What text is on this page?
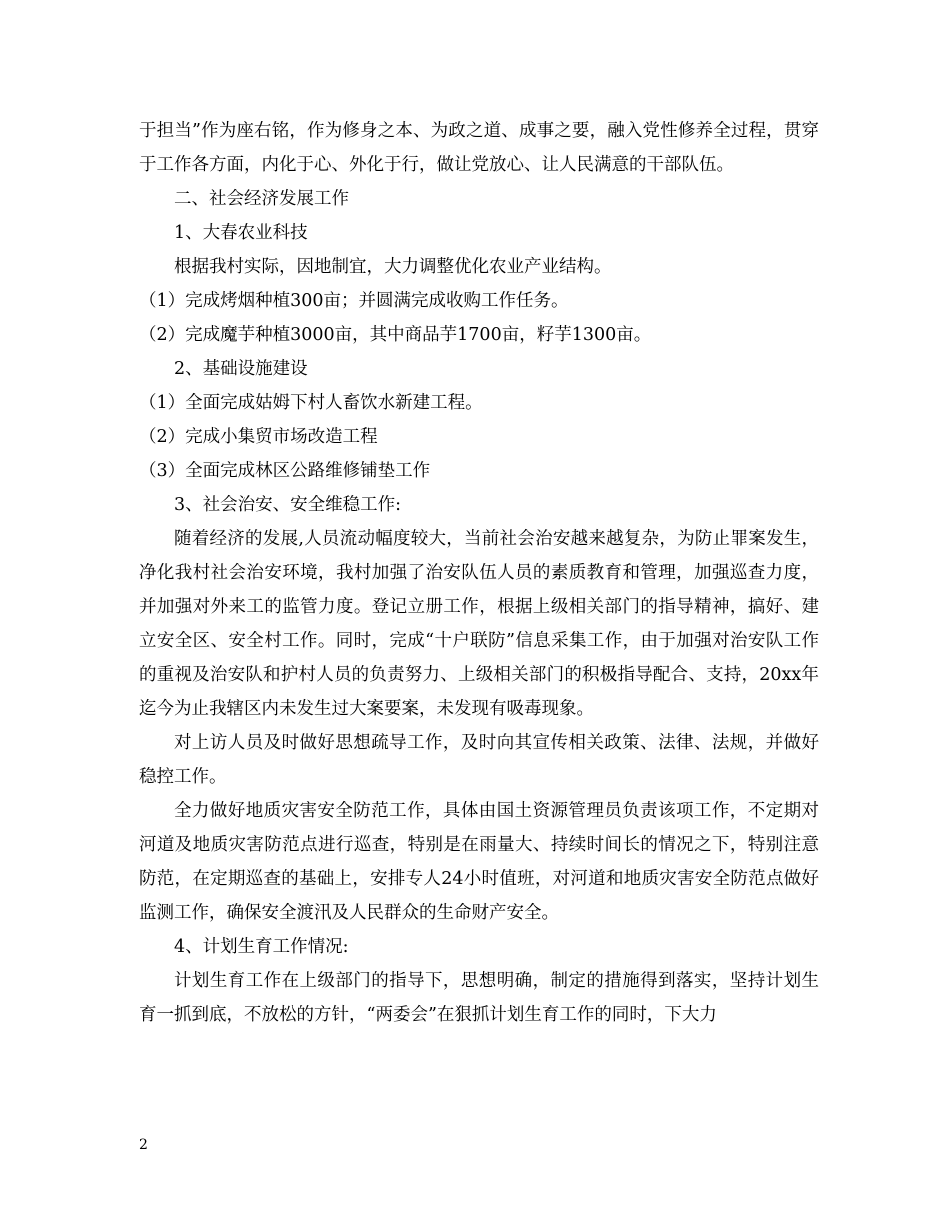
于担当”作为座右铭，作为修身之本、为政之道、成事之要，融入党性修养全过程，贯穿于工作各方面，内化于心、外化于行，做让党放心、让人民满意的干部队伍。

二、社会经济发展工作

1、大春农业科技

根据我村实际，因地制宜，大力调整优化农业产业结构。

（1）完成烤烟种植300亩；并圆满完成收购工作任务。

（2）完成魔芋种植3000亩，其中商品芋1700亩，籽芋1300亩。

2、基础设施建设

（1）全面完成姑姆下村人畜饮水新建工程。

（2）完成小集贸市场改造工程

（3）全面完成林区公路维修铺垫工作

3、社会治安、安全维稳工作:

随着经济的发展,人员流动幅度较大，当前社会治安越来越复杂，为防止罪案发生，净化我村社会治安环境，我村加强了治安队伍人员的素质教育和管理，加强巡查力度，并加强对外来工的监管力度。登记立册工作，根据上级相关部门的指导精神，搞好、建立安全区、安全村工作。同时，完成“十户联防”信息采集工作，由于加强对治安队工作的重视及治安队和护村人员的负责努力、上级相关部门的积极指导配合、支持，20xx年迄今为止我辖区内未发生过大案要案，未发现有吸毒现象。

对上访人员及时做好思想疏导工作，及时向其宣传相关政策、法律、法规，并做好稳控工作。

全力做好地质灾害安全防范工作，具体由国土资源管理员负责该项工作，不定期对河道及地质灾害防范点进行巡查，特别是在雨量大、持续时间长的情况之下，特别注意防范，在定期巡查的基础上，安排专人24小时值班，对河道和地质灾害安全防范点做好监测工作，确保安全渡汛及人民群众的生命财产安全。

4、计划生育工作情况:

计划生育工作在上级部门的指导下，思想明确，制定的措施得到落实，坚持计划生育一抓到底，不放松的方针，“两委会”在狠抓计划生育工作的同时，下大力

2
